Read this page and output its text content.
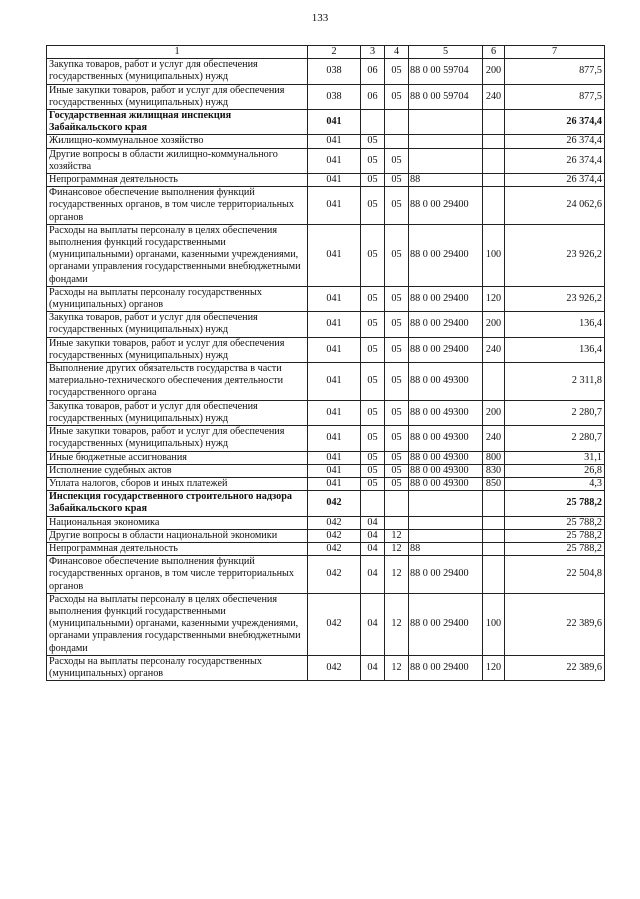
133
1	2	3	4	5	6	7
Закупка товаров, работ и услуг для обеспечения государственных (муниципальных) нужд	038	06	05	88 0 00 59704	200	877,5
Иные закупки товаров, работ и услуг для обеспечения государственных (муниципальных) нужд	038	06	05	88 0 00 59704	240	877,5
Государственная жилищная инспекция Забайкальского края	041					26 374,4
Жилищно-коммунальное хозяйство	041	05				26 374,4
Другие вопросы в области жилищно-коммунального хозяйства	041	05	05			26 374,4
Непрограммная деятельность	041	05	05	88		26 374,4
Финансовое обеспечение выполнения функций государственных органов, в том числе территориальных органов	041	05	05	88 0 00 29400		24 062,6
Расходы на выплаты персоналу в целях обеспечения выполнения функций государственными (муниципальными) органами, казенными учреждениями, органами управления государственными внебюджетными фондами	041	05	05	88 0 00 29400	100	23 926,2
Расходы на выплаты персоналу государственных (муниципальных) органов	041	05	05	88 0 00 29400	120	23 926,2
Закупка товаров, работ и услуг для обеспечения государственных (муниципальных) нужд	041	05	05	88 0 00 29400	200	136,4
Иные закупки товаров, работ и услуг для обеспечения государственных (муниципальных) нужд	041	05	05	88 0 00 29400	240	136,4
Выполнение других обязательств государства в части материально-технического обеспечения деятельности государственного органа	041	05	05	88 0 00 49300		2 311,8
Закупка товаров, работ и услуг для обеспечения государственных (муниципальных) нужд	041	05	05	88 0 00 49300	200	2 280,7
Иные закупки товаров, работ и услуг для обеспечения государственных (муниципальных) нужд	041	05	05	88 0 00 49300	240	2 280,7
Иные бюджетные ассигнования	041	05	05	88 0 00 49300	800	31,1
Исполнение судебных актов	041	05	05	88 0 00 49300	830	26,8
Уплата налогов, сборов и иных платежей	041	05	05	88 0 00 49300	850	4,3
Инспекция государственного строительного надзора Забайкальского края	042					25 788,2
Национальная экономика	042	04				25 788,2
Другие вопросы в области национальной экономики	042	04	12			25 788,2
Непрограммная деятельность	042	04	12	88		25 788,2
Финансовое обеспечение выполнения функций государственных органов, в том числе территориальных органов	042	04	12	88 0 00 29400		22 504,8
Расходы на выплаты персоналу в целях обеспечения выполнения функций государственными (муниципальными) органами, казенными учреждениями, органами управления государственными внебюджетными фондами	042	04	12	88 0 00 29400	100	22 389,6
Расходы на выплаты персоналу государственных (муниципальных) органов	042	04	12	88 0 00 29400	120	22 389,6
